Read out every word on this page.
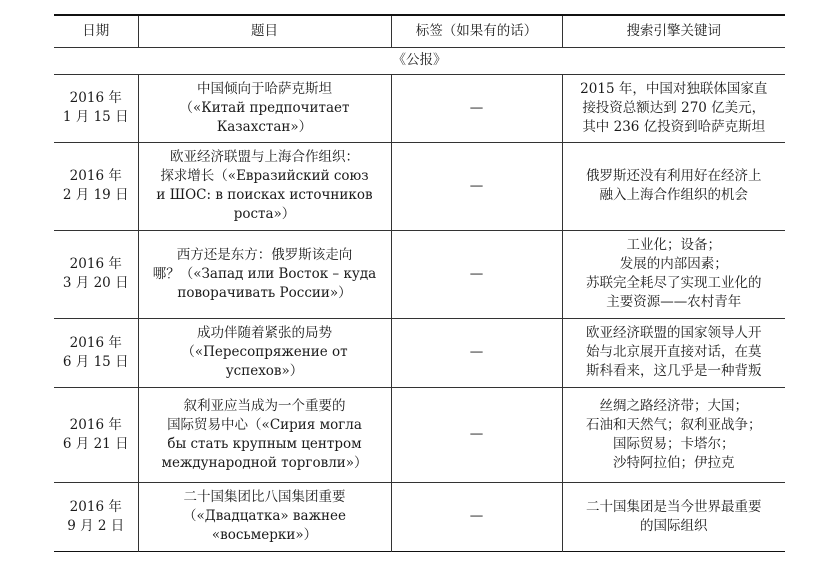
日期	题目	标签（如果有的话）	搜索引擎关键词
《公报》			

2016 年
1 月 15 日	中国倾向于哈萨克斯坦
（«Китай предпочитает
Казахстан»）	—	2015 年，中国对独联体国家直
接投资总额达到 270 亿美元，
其中 236 亿投资到哈萨克斯坦

2016 年
2 月 19 日	欧亚经济联盟与上海合作组织：
探求增长（«Евразийский союз
и ШОС: в поисках источников
роста»）	—	俄罗斯还没有利用好在经济上
融入上海合作组织的机会

2016 年
3 月 20 日	西方还是东方：俄罗斯该走向
哪？（«Запад или Восток – куда
поворачивать России»）	—	工业化；设备；
发展的内部因素；
苏联完全耗尽了实现工业化的
主要资源——农村青年

2016 年
6 月 15 日	成功伴随着紧张的局势
（«Пересопряжение от успехов»）	—	欧亚经济联盟的国家领导人开
始与北京展开直接对话，在莫
斯科看来，这几乎是一种背叛

2016 年
6 月 21 日	叙利亚应当成为一个重要的
国际贸易中心（«Сирия могла
бы стать крупным центром
международной торговли»）	—	丝绸之路经济带；大国；
石油和天然气；叙利亚战争；
国际贸易；卡塔尔；
沙特阿拉伯；伊拉克

2016 年
9 月 2 日	二十国集团比八国集团重要
（«Двадцатка» важнее
«восьмерки»）	—	二十国集团是当今世界最重要
的国际组织
